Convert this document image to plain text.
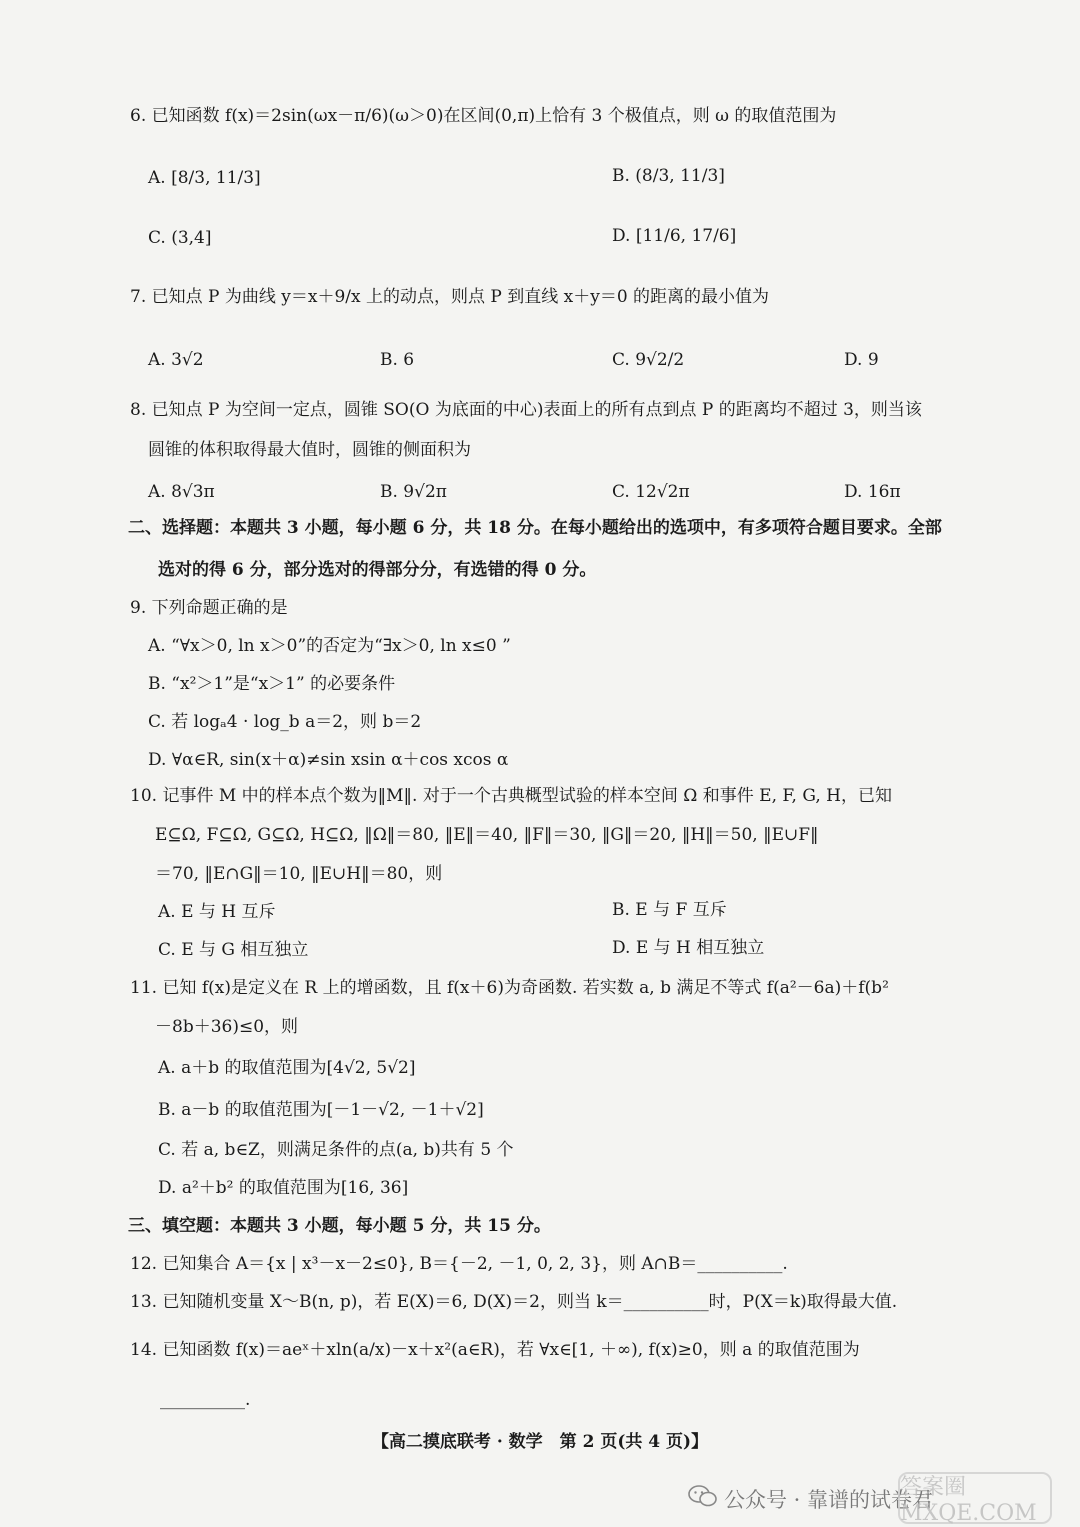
6. 已知函数 f(x)＝2sin(ωx－π/6)(ω＞0)在区间(0,π)上恰有 3 个极值点，则 ω 的取值范围为
A. [8/3, 11/3]	B. (8/3, 11/3]
C. (3,4]	D. [11/6, 17/6]
7. 已知点 P 为曲线 y＝x＋9/x 上的动点，则点 P 到直线 x＋y＝0 的距离的最小值为
A. 3√2	B. 6	C. 9√2/2	D. 9
8. 已知点 P 为空间一定点，圆锥 SO(O 为底面的中心)表面上的所有点到点 P 的距离均不超过 3，则当该
圆锥的体积取得最大值时，圆锥的侧面积为
A. 8√3π	B. 9√2π	C. 12√2π	D. 16π
二、选择题：本题共 3 小题，每小题 6 分，共 18 分。在每小题给出的选项中，有多项符合题目要求。全部
选对的得 6 分，部分选对的得部分分，有选错的得 0 分。
9. 下列命题正确的是
A. “∀x＞0, ln x＞0”的否定为“∃x＞0, ln x≤0 ”
B. “x²＞1”是“x＞1” 的必要条件
C. 若 logₐ4 · log_b a＝2，则 b＝2
D. ∀α∈R, sin(x＋α)≠sin xsin α＋cos xcos α
10. 记事件 M 中的样本点个数为‖M‖. 对于一个古典概型试验的样本空间 Ω 和事件 E, F, G, H，已知
E⊆Ω, F⊆Ω, G⊆Ω, H⊆Ω, ‖Ω‖＝80, ‖E‖＝40, ‖F‖＝30, ‖G‖＝20, ‖H‖＝50, ‖E∪F‖
＝70, ‖E∩G‖＝10, ‖E∪H‖＝80，则
A. E 与 H 互斥	B. E 与 F 互斥
C. E 与 G 相互独立	D. E 与 H 相互独立
11. 已知 f(x)是定义在 R 上的增函数，且 f(x＋6)为奇函数. 若实数 a, b 满足不等式 f(a²－6a)＋f(b²
－8b＋36)≤0，则
A. a＋b 的取值范围为[4√2, 5√2]
B. a－b 的取值范围为[－1－√2, －1＋√2]
C. 若 a, b∈Z，则满足条件的点(a, b)共有 5 个
D. a²＋b² 的取值范围为[16, 36]
三、填空题：本题共 3 小题，每小题 5 分，共 15 分。
12. 已知集合 A＝{x | x³－x－2≤0}, B＝{－2, －1, 0, 2, 3}，则 A∩B＝__________.
13. 已知随机变量 X～B(n, p)，若 E(X)＝6, D(X)＝2，则当 k＝__________时，P(X＝k)取得最大值.
14. 已知函数 f(x)＝aeˣ＋xln(a/x)－x＋x²(a∈R)，若 ∀x∈[1, ＋∞), f(x)≥0，则 a 的取值范围为
__________.
【高二摸底联考 · 数学　第 2 页(共 4 页)】
公众号 · 靠谱的试卷君
答案圈 MXQE.COM
